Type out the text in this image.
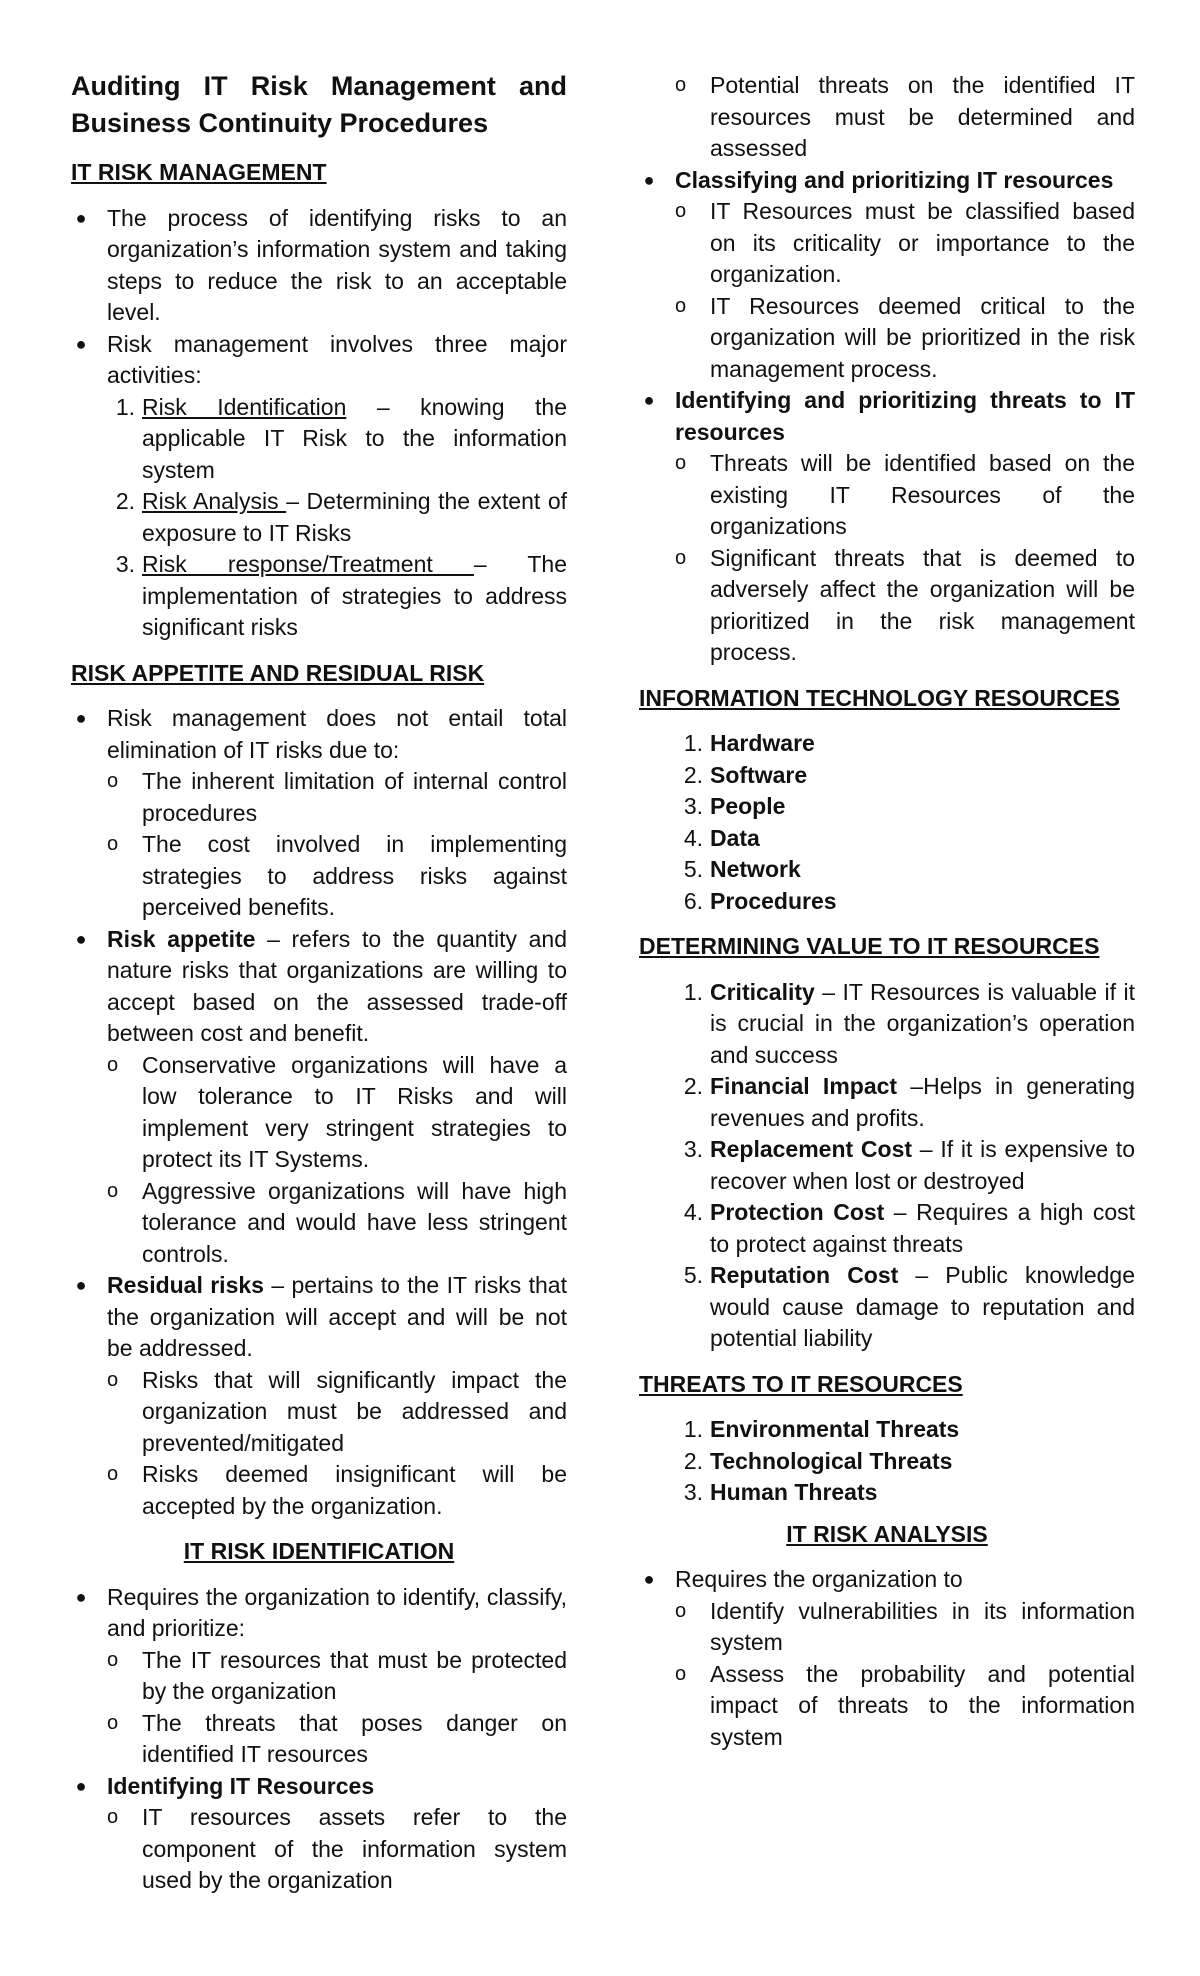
Auditing IT Risk Management and Business Continuity Procedures

IT RISK MANAGEMENT

● The process of identifying risks to an organization’s information system and taking steps to reduce the risk to an acceptable level.
● Risk management involves three major activities:
1. Risk Identification – knowing the applicable IT Risk to the information system
2. Risk Analysis – Determining the extent of exposure to IT Risks
3. Risk response/Treatment – The implementation of strategies to address significant risks

RISK APPETITE AND RESIDUAL RISK

● Risk management does not entail total elimination of IT risks due to:
o The inherent limitation of internal control procedures
o The cost involved in implementing strategies to address risks against perceived benefits.
● Risk appetite – refers to the quantity and nature risks that organizations are willing to accept based on the assessed trade-off between cost and benefit.
o Conservative organizations will have a low tolerance to IT Risks and will implement very stringent strategies to protect its IT Systems.
o Aggressive organizations will have high tolerance and would have less stringent controls.
● Residual risks – pertains to the IT risks that the organization will accept and will be not be addressed.
o Risks that will significantly impact the organization must be addressed and prevented/mitigated
o Risks deemed insignificant will be accepted by the organization.

IT RISK IDENTIFICATION

● Requires the organization to identify, classify, and prioritize:
o The IT resources that must be protected by the organization
o The threats that poses danger on identified IT resources
● Identifying IT Resources
o IT resources assets refer to the component of the information system used by the organization
o Potential threats on the identified IT resources must be determined and assessed
● Classifying and prioritizing IT resources
o IT Resources must be classified based on its criticality or importance to the organization.
o IT Resources deemed critical to the organization will be prioritized in the risk management process.
● Identifying and prioritizing threats to IT resources
o Threats will be identified based on the existing IT Resources of the organizations
o Significant threats that is deemed to adversely affect the organization will be prioritized in the risk management process.

INFORMATION TECHNOLOGY RESOURCES

1. Hardware
2. Software
3. People
4. Data
5. Network
6. Procedures

DETERMINING VALUE TO IT RESOURCES

1. Criticality – IT Resources is valuable if it is crucial in the organization’s operation and success
2. Financial Impact –Helps in generating revenues and profits.
3. Replacement Cost – If it is expensive to recover when lost or destroyed
4. Protection Cost – Requires a high cost to protect against threats
5. Reputation Cost – Public knowledge would cause damage to reputation and potential liability

THREATS TO IT RESOURCES

1. Environmental Threats
2. Technological Threats
3. Human Threats

IT RISK ANALYSIS

● Requires the organization to
o Identify vulnerabilities in its information system
o Assess the probability and potential impact of threats to the information system
